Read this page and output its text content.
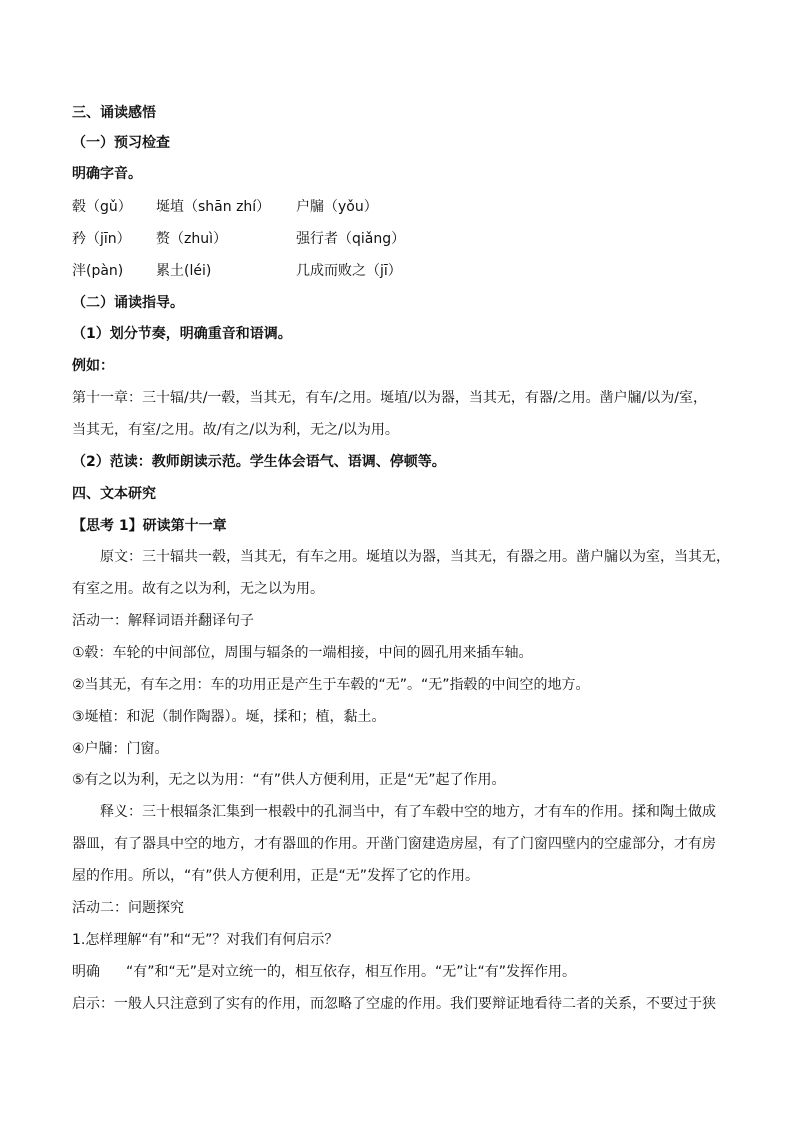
三、诵读感悟
（一）预习检查
明确字音。
毂（gǔ） 埏埴（shān zhí） 户牖（yǒu）
矜（jīn） 赘（zhuì）	强行者（qiǎng）
泮(pàn) 累土(léi)	几成而败之（jī）
（二）诵读指导。
（1）划分节奏，明确重音和语调。
例如：
第十一章：三十辐/共/一毂，当其无，有车/之用。埏埴/以为器，当其无，有器/之用。凿户牖/以为/室，
当其无，有室/之用。故/有之/以为利，无之/以为用。
（2）范读：教师朗读示范。学生体会语气、语调、停顿等。
四、文本研究
【思考 1】研读第十一章
原文：三十辐共一毂，当其无，有车之用。埏埴以为器，当其无，有器之用。凿户牖以为室，当其无，
有室之用。故有之以为利，无之以为用。
活动一：解释词语并翻译句子
①毂：车轮的中间部位，周围与辐条的一端相接，中间的圆孔用来插车轴。
②当其无，有车之用：车的功用正是产生于车毂的“无”。“无”指毂的中间空的地方。
③埏植：和泥（制作陶器）。埏，揉和；植，黏土。
④户牖：门窗。
⑤有之以为利，无之以为用：“有”供人方便利用，正是“无”起了作用。
释义：三十根辐条汇集到一根毂中的孔洞当中，有了车毂中空的地方，才有车的作用。揉和陶土做成
器皿，有了器具中空的地方，才有器皿的作用。开凿门窗建造房屋，有了门窗四壁内的空虚部分，才有房
屋的作用。所以，“有”供人方便利用，正是“无”发挥了它的作用。
活动二：问题探究
1.怎样理解“有”和“无”？对我们有何启示？
明确 “有”和“无”是对立统一的，相互依存，相互作用。“无”让“有”发挥作用。
启示：一般人只注意到了实有的作用，而忽略了空虚的作用。我们要辩证地看待二者的关系，不要过于狭
